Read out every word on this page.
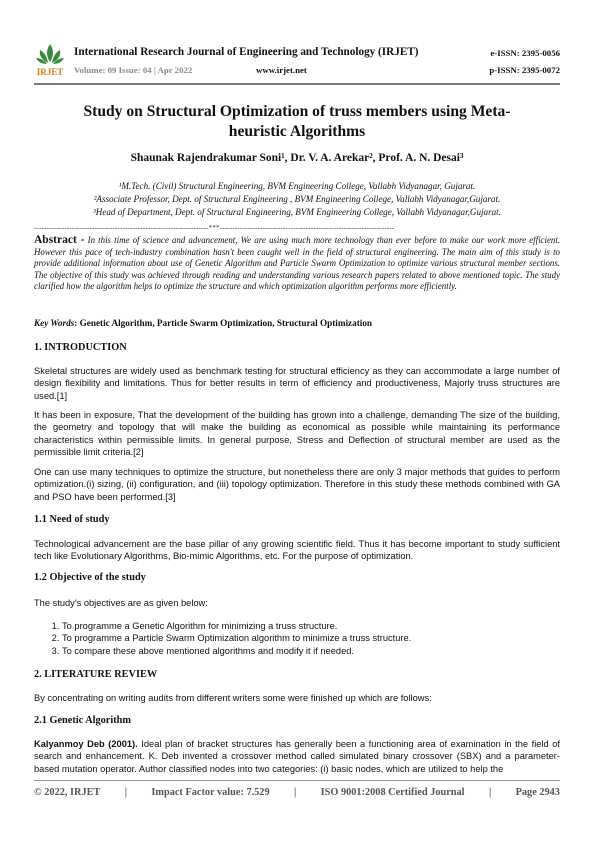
IRJET
International Research Journal of Engineering and Technology (IRJET)
Volume: 09 Issue: 04 | Apr 2022	www.irjet.net
e-ISSN: 2395-0056
p-ISSN: 2395-0072
Study on Structural Optimization of truss members using Meta-
heuristic Algorithms
Shaunak Rajendrakumar Soni¹, Dr. V. A. Arekar², Prof. A. N. Desai³
¹M.Tech. (Civil) Structural Engineering, BVM Engineering College, Vallabh Vidyanagar, Gujarat.
²Associate Professor, Dept. of Structural Engineering , BVM Engineering College, Vallabh Vidyanagar,Gujarat.
³Head of Department, Dept. of Structural Engineering, BVM Engineering College, Vallabh Vidyanagar,Gujarat.
---------------------------------------------------------------------***---------------------------------------------------------------------
Abstract - In this time of science and advancement, We are using much more technology than ever before to make our work more efficient. However this pace of tech-industry combination hasn't been caught well in the field of structural engineering. The main aim of this study is to provide additional information about use of Genetic Algorithm and Particle Swarm Optimization to optimize various structural member sections. The objective of this study was achieved through reading and understanding various research papers related to above mentioned topic. The study clarified how the algorithm helps to optimize the structure and which optimization algorithm performs more efficiently.
Key Words: Genetic Algorithm, Particle Swarm Optimization, Structural Optimization
1. INTRODUCTION
Skeletal structures are widely used as benchmark testing for structural efficiency as they can accommodate a large number of design flexibility and limitations. Thus for better results in term of efficiency and productiveness, Majorly truss structures are used.[1]
It has been in exposure, That the development of the building has grown into a challenge, demanding The size of the building, the geometry and topology that will make the building as economical as possible while maintaining its performance characteristics within permissible limits. In general purpose, Stress and Deflection of structural member are used as the permissible limit criteria.[2]
One can use many techniques to optimize the structure, but nonetheless there are only 3 major methods that guides to perform optimization.(i) sizing, (ii) configuration, and (iii) topology optimization. Therefore in this study these methods combined with GA and PSO have been performed.[3]
1.1 Need of study
Technological advancement are the base pillar of any growing scientific field. Thus it has become important to study sufficient tech like Evolutionary Algorithms, Bio-mimic Algorithms, etc. For the purpose of optimization.
1.2 Objective of the study
The study's objectives are as given below:
1. To programme a Genetic Algorithm for minimizing a truss structure.
2. To programme a Particle Swarm Optimization algorithm to minimize a truss structure.
3. To compare these above mentioned algorithms and modify it if needed.
2. LITERATURE REVIEW
By concentrating on writing audits from different writers some were finished up which are follows:
2.1 Genetic Algorithm
Kalyanmoy Deb (2001). Ideal plan of bracket structures has generally been a functioning area of examination in the field of search and enhancement. K. Deb invented a crossover method called simulated binary crossover (SBX) and a parameter-based mutation operator. Author classified nodes into two categories: (i) basic nodes, which are utilized to help the
© 2022, IRJET | Impact Factor value: 7.529 | ISO 9001:2008 Certified Journal | Page 2943
